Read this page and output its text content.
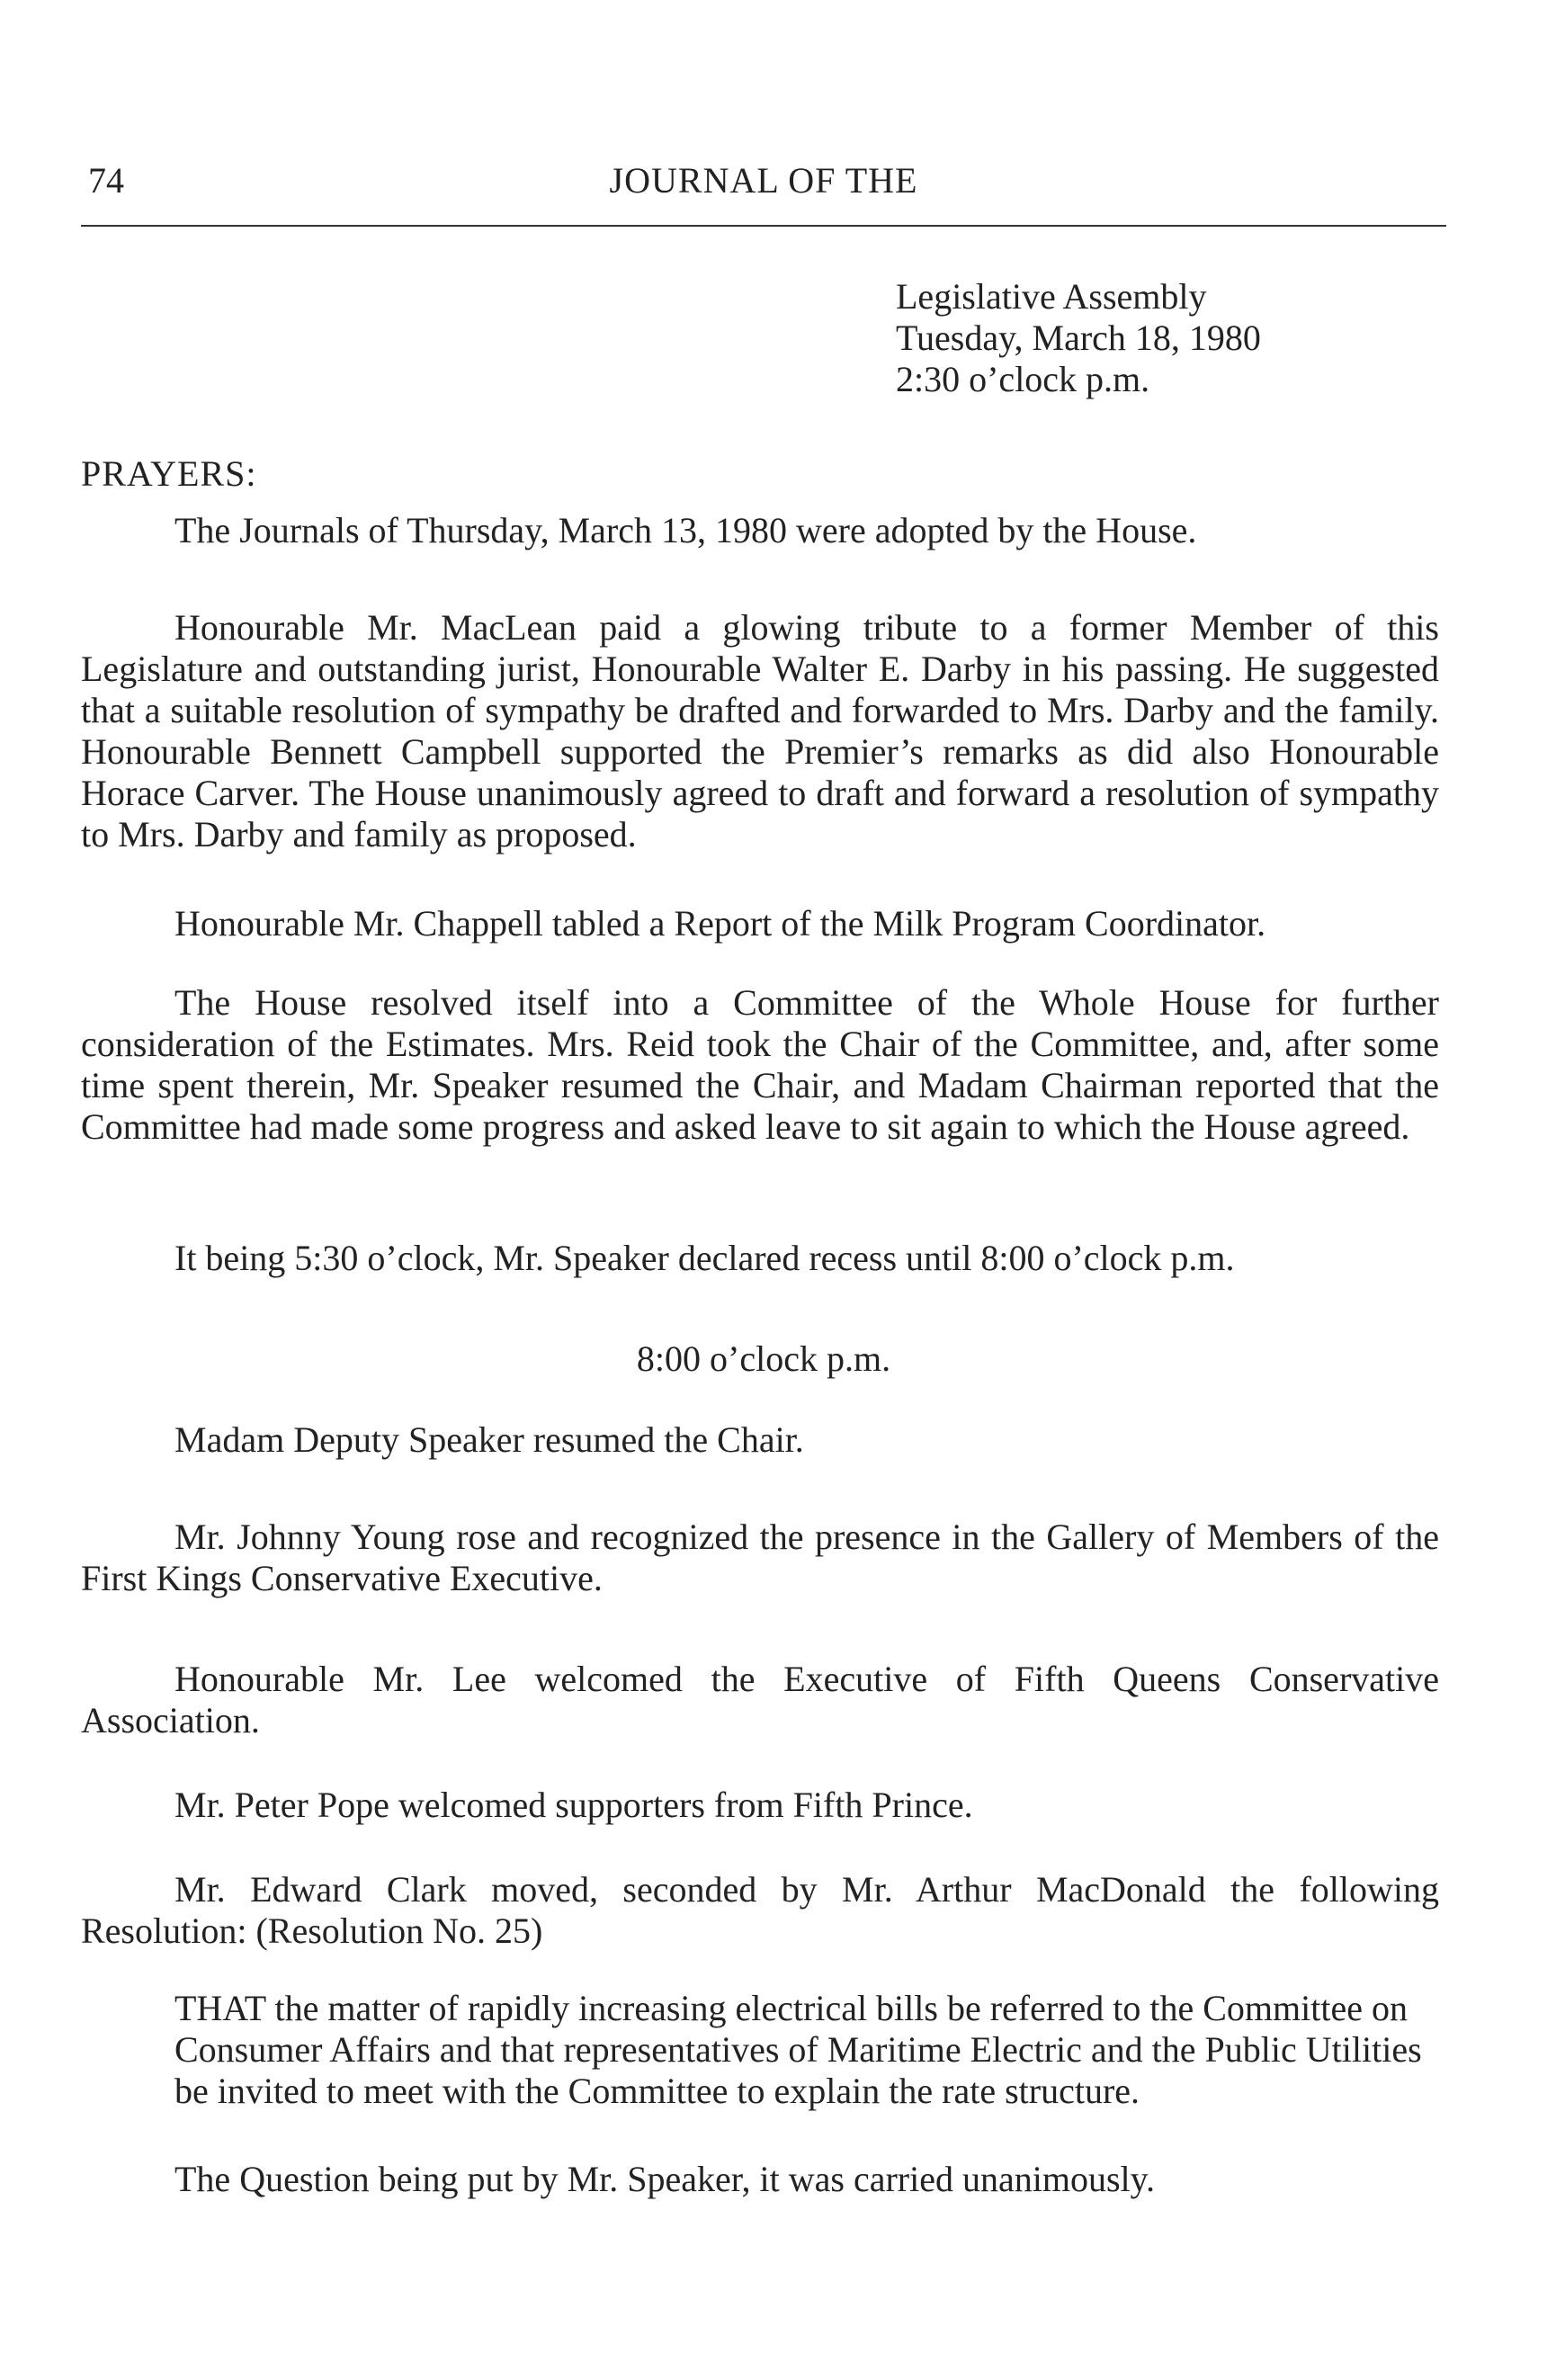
74	JOURNAL OF THE
Legislative Assembly
Tuesday, March 18, 1980
2:30 o’clock p.m.
PRAYERS:

The Journals of Thursday, March 13, 1980 were adopted by the House.

Honourable Mr. MacLean paid a glowing tribute to a former Member of this Legislature and outstanding jurist, Honourable Walter E. Darby in his passing. He suggested that a suitable resolution of sympathy be drafted and forwarded to Mrs. Darby and the family. Honourable Bennett Campbell supported the Premier’s remarks as did also Honourable Horace Carver. The House unanimously agreed to draft and forward a resolution of sympathy to Mrs. Darby and family as proposed.

Honourable Mr. Chappell tabled a Report of the Milk Program Coordinator.

The House resolved itself into a Committee of the Whole House for further consideration of the Estimates. Mrs. Reid took the Chair of the Committee, and, after some time spent therein, Mr. Speaker resumed the Chair, and Madam Chairman reported that the Committee had made some progress and asked leave to sit again to which the House agreed.

It being 5:30 o’clock, Mr. Speaker declared recess until 8:00 o’clock p.m.

8:00 o’clock p.m.

Madam Deputy Speaker resumed the Chair.

Mr. Johnny Young rose and recognized the presence in the Gallery of Members of the First Kings Conservative Executive.

Honourable Mr. Lee welcomed the Executive of Fifth Queens Conservative Association.

Mr. Peter Pope welcomed supporters from Fifth Prince.

Mr. Edward Clark moved, seconded by Mr. Arthur MacDonald the following Resolution: (Resolution No. 25)

THAT the matter of rapidly increasing electrical bills be referred to the Committee on Consumer Affairs and that representatives of Maritime Electric and the Public Utilities be invited to meet with the Committee to explain the rate structure.

The Question being put by Mr. Speaker, it was carried unanimously.
